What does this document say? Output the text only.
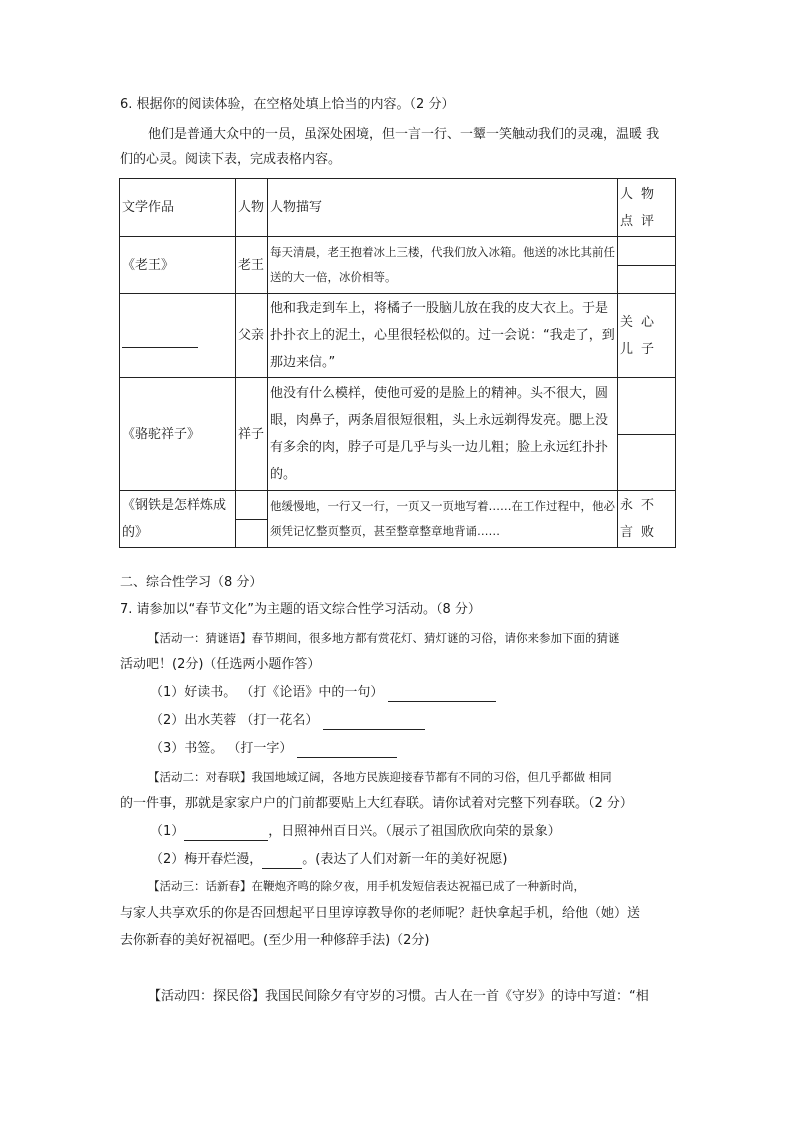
6. 根据你的阅读体验，在空格处填上恰当的内容。（2 分）
他们是普通大众中的一员，虽深处困境，但一言一行、一颦一笑触动我们的灵魂，温暖 我
们的心灵。阅读下表，完成表格内容。
文学作品	人物	人物描写	人物点评
《老王》	老王	每天清晨，老王抱着冰上三楼，代我们放入冰箱。他送的冰比其前任送的大一倍，冰价相等。	

	父亲	他和我走到车上，将橘子一股脑儿放在我的皮大衣上。于是扑扑衣上的泥土，心里很轻松似的。过一会说：“我走了，到那边来信。”	关心儿子
《骆驼祥子》	祥子	他没有什么模样，使他可爱的是脸上的精神。头不很大，圆眼，肉鼻子，两条眉很短很粗，头上永远剃得发亮。腮上没有多余的肉，脖子可是几乎与头一边儿粗；脸上永远红扑扑的。	

《钢铁是怎样炼成的》		他缓慢地，一行又一行，一页又一页地写着……在工作过程中，他必须凭记忆整页整页，甚至整章整章地背诵……	永不言败
二、综合性学习（8 分）
7. 请参加以“春节文化”为主题的语文综合性学习活动。（8 分）
【活动一：猜谜语】春节期间，很多地方都有赏花灯、猜灯谜的习俗，请你来参加下面的猜谜
活动吧！(2分)（任选两小题作答）
（1）好读书。 （打《论语》中的一句）
（2）出水芙蓉 （打一花名）
（3）书签。 （打一字）
【活动二：对春联】我国地域辽阔，各地方民族迎接春节都有不同的习俗，但几乎都做 相同
的一件事，那就是家家户户的门前都要贴上大红春联。请你试着对完整下列春联。（2 分）
（1）	，日照神州百日兴。（展示了祖国欣欣向荣的景象）
（2）梅开春烂漫，	。(表达了人们对新一年的美好祝愿)
【活动三：话新春】在鞭炮齐鸣的除夕夜，用手机发短信表达祝福已成了一种新时尚，
与家人共享欢乐的你是否回想起平日里谆谆教导你的老师呢？赶快拿起手机，给他（她）送
去你新春的美好祝福吧。(至少用一种修辞手法)（2分)
【活动四：探民俗】我国民间除夕有守岁的习惯。古人在一首《守岁》的诗中写道：“相
